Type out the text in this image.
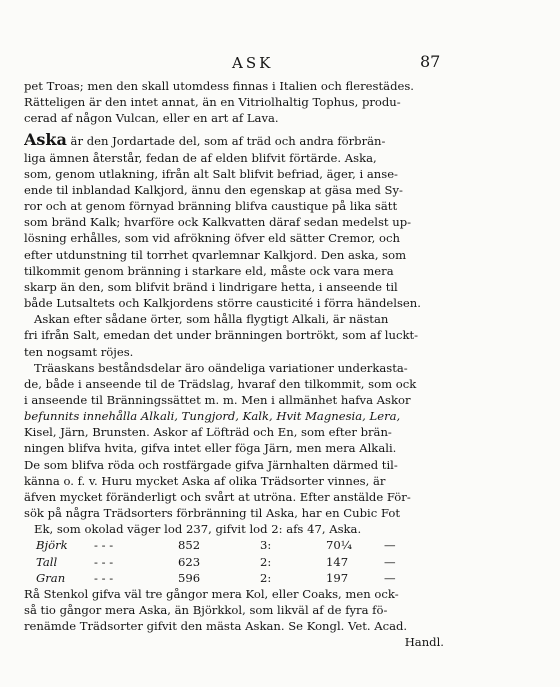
ASK	87
pet Troas; men den skall utomdess finnas i Italien och flerestädes.
Rätteligen är den intet annat, än en Vitriolhaltig Tophus, produ-
cerad af någon Vulcan, eller en art af Lava.
Aska är den Jordartade del, som af träd och andra förbrän-
liga ämnen återstår, fedan de af elden blifvit förtärde. Aska,
som, genom utlakning, ifrån alt Salt blifvit befriad, äger, i anse-
ende til inblandad Kalkjord, ännu den egenskap at gäsa med Sy-
ror och at genom förnyad bränning blifva caustique på lika sätt
som bränd Kalk; hvarföre ock Kalkvatten däraf sedan medelst up-
lösning erhålles, som vid afrökning öfver eld sätter Cremor, och
efter utdunstning til torrhet qvarlemnar Kalkjord. Den aska, som
tilkommit genom bränning i starkare eld, måste ock vara mera
skarp än den, som blifvit bränd i lindrigare hetta, i anseende til
både Lutsaltets och Kalkjordens större causticité i förra händelsen.
Askan efter sådane örter, som hålla flygtigt Alkali, är nästan
fri ifrån Salt, emedan det under bränningen bortrökt, som af luckt-
ten nogsamt röjes.
Träaskans beståndsdelar äro oändeliga variationer underkasta-
de, både i anseende til de Trädslag, hvaraf den tilkommit, som ock
i anseende til Bränningssättet m. m. Men i allmänhet hafva Askor
befunnits innehålla Alkali, Tungjord, Kalk, Hvit Magnesia, Lera,
Kisel, Järn, Brunsten. Askor af Löfträd och En, som efter brän-
ningen blifva hvita, gifva intet eller föga Järn, men mera Alkali.
De som blifva röda och rostfärgade gifva Järnhalten därmed til-
känna o. f. v. Huru mycket Aska af olika Trädsorter vinnes, är
äfven mycket föränderligt och svårt at utröna. Efter anstälde För-
sök på några Trädsorters förbränning til Aska, har en Cubic Fot
Ek, som okolad väger lod 237, gifvit lod 2: afs 47, Aska.
Björk	- - -	852	3:	70¼	—
Tall	- - -	623	2:	147	—
Gran	- - -	596	2:	197	—
Rå Stenkol gifva väl tre gångor mera Kol, eller Coaks, men ock-
så tio gångor mera Aska, än Björkkol, som likväl af de fyra fö-
renämde Trädsorter gifvit den mästa Askan. Se Kongl. Vet. Acad.
Handl.
